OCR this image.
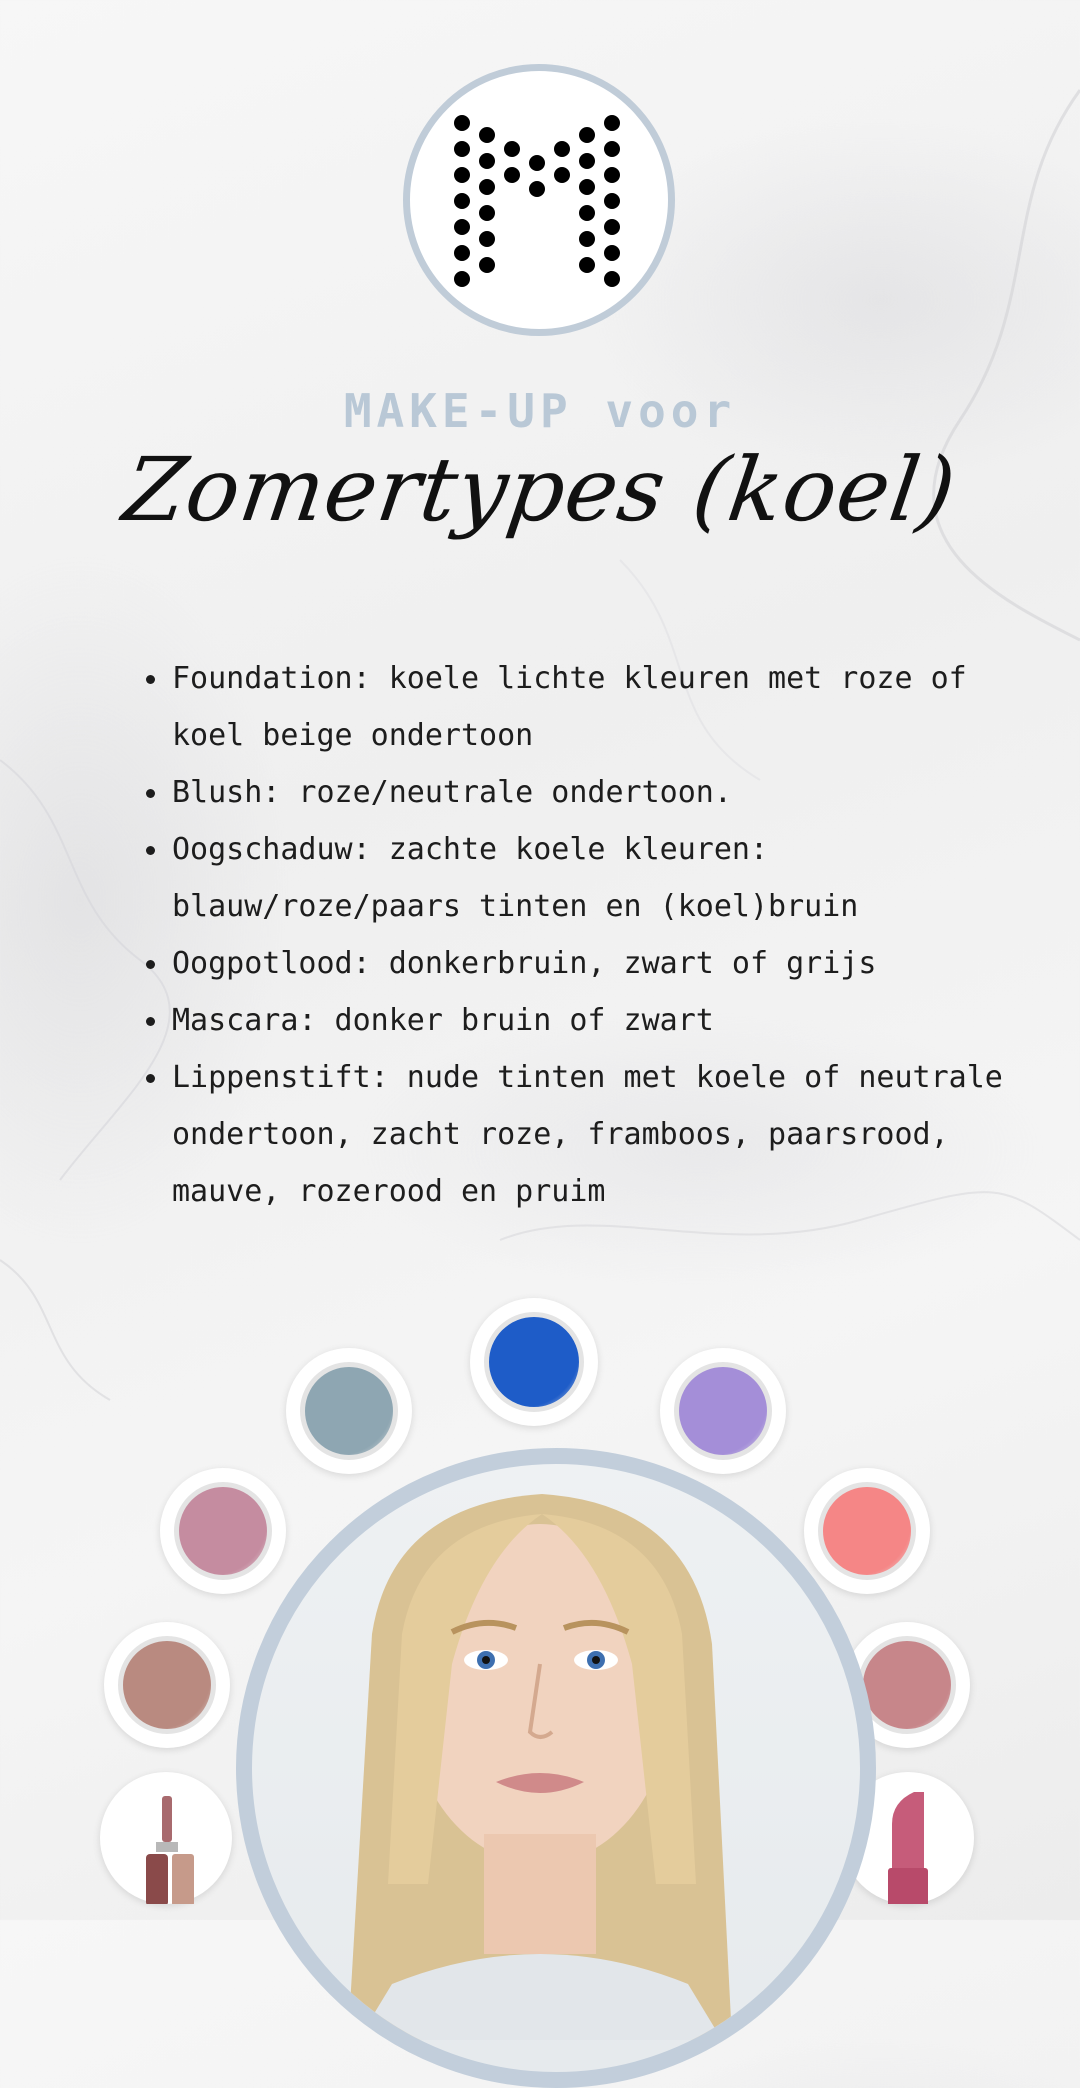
MAKE-UP voor
Zomertypes (koel)
Foundation: koele lichte kleuren met roze of koel beige ondertoon
Blush: roze/neutrale ondertoon.
Oogschaduw: zachte koele kleuren: blauw/roze/paars tinten en (koel)bruin
Oogpotlood: donkerbruin, zwart of grijs
Mascara: donker bruin of zwart
Lippenstift: nude tinten met koele of neutrale ondertoon, zacht roze, framboos, paarsrood, mauve, rozerood en pruim
